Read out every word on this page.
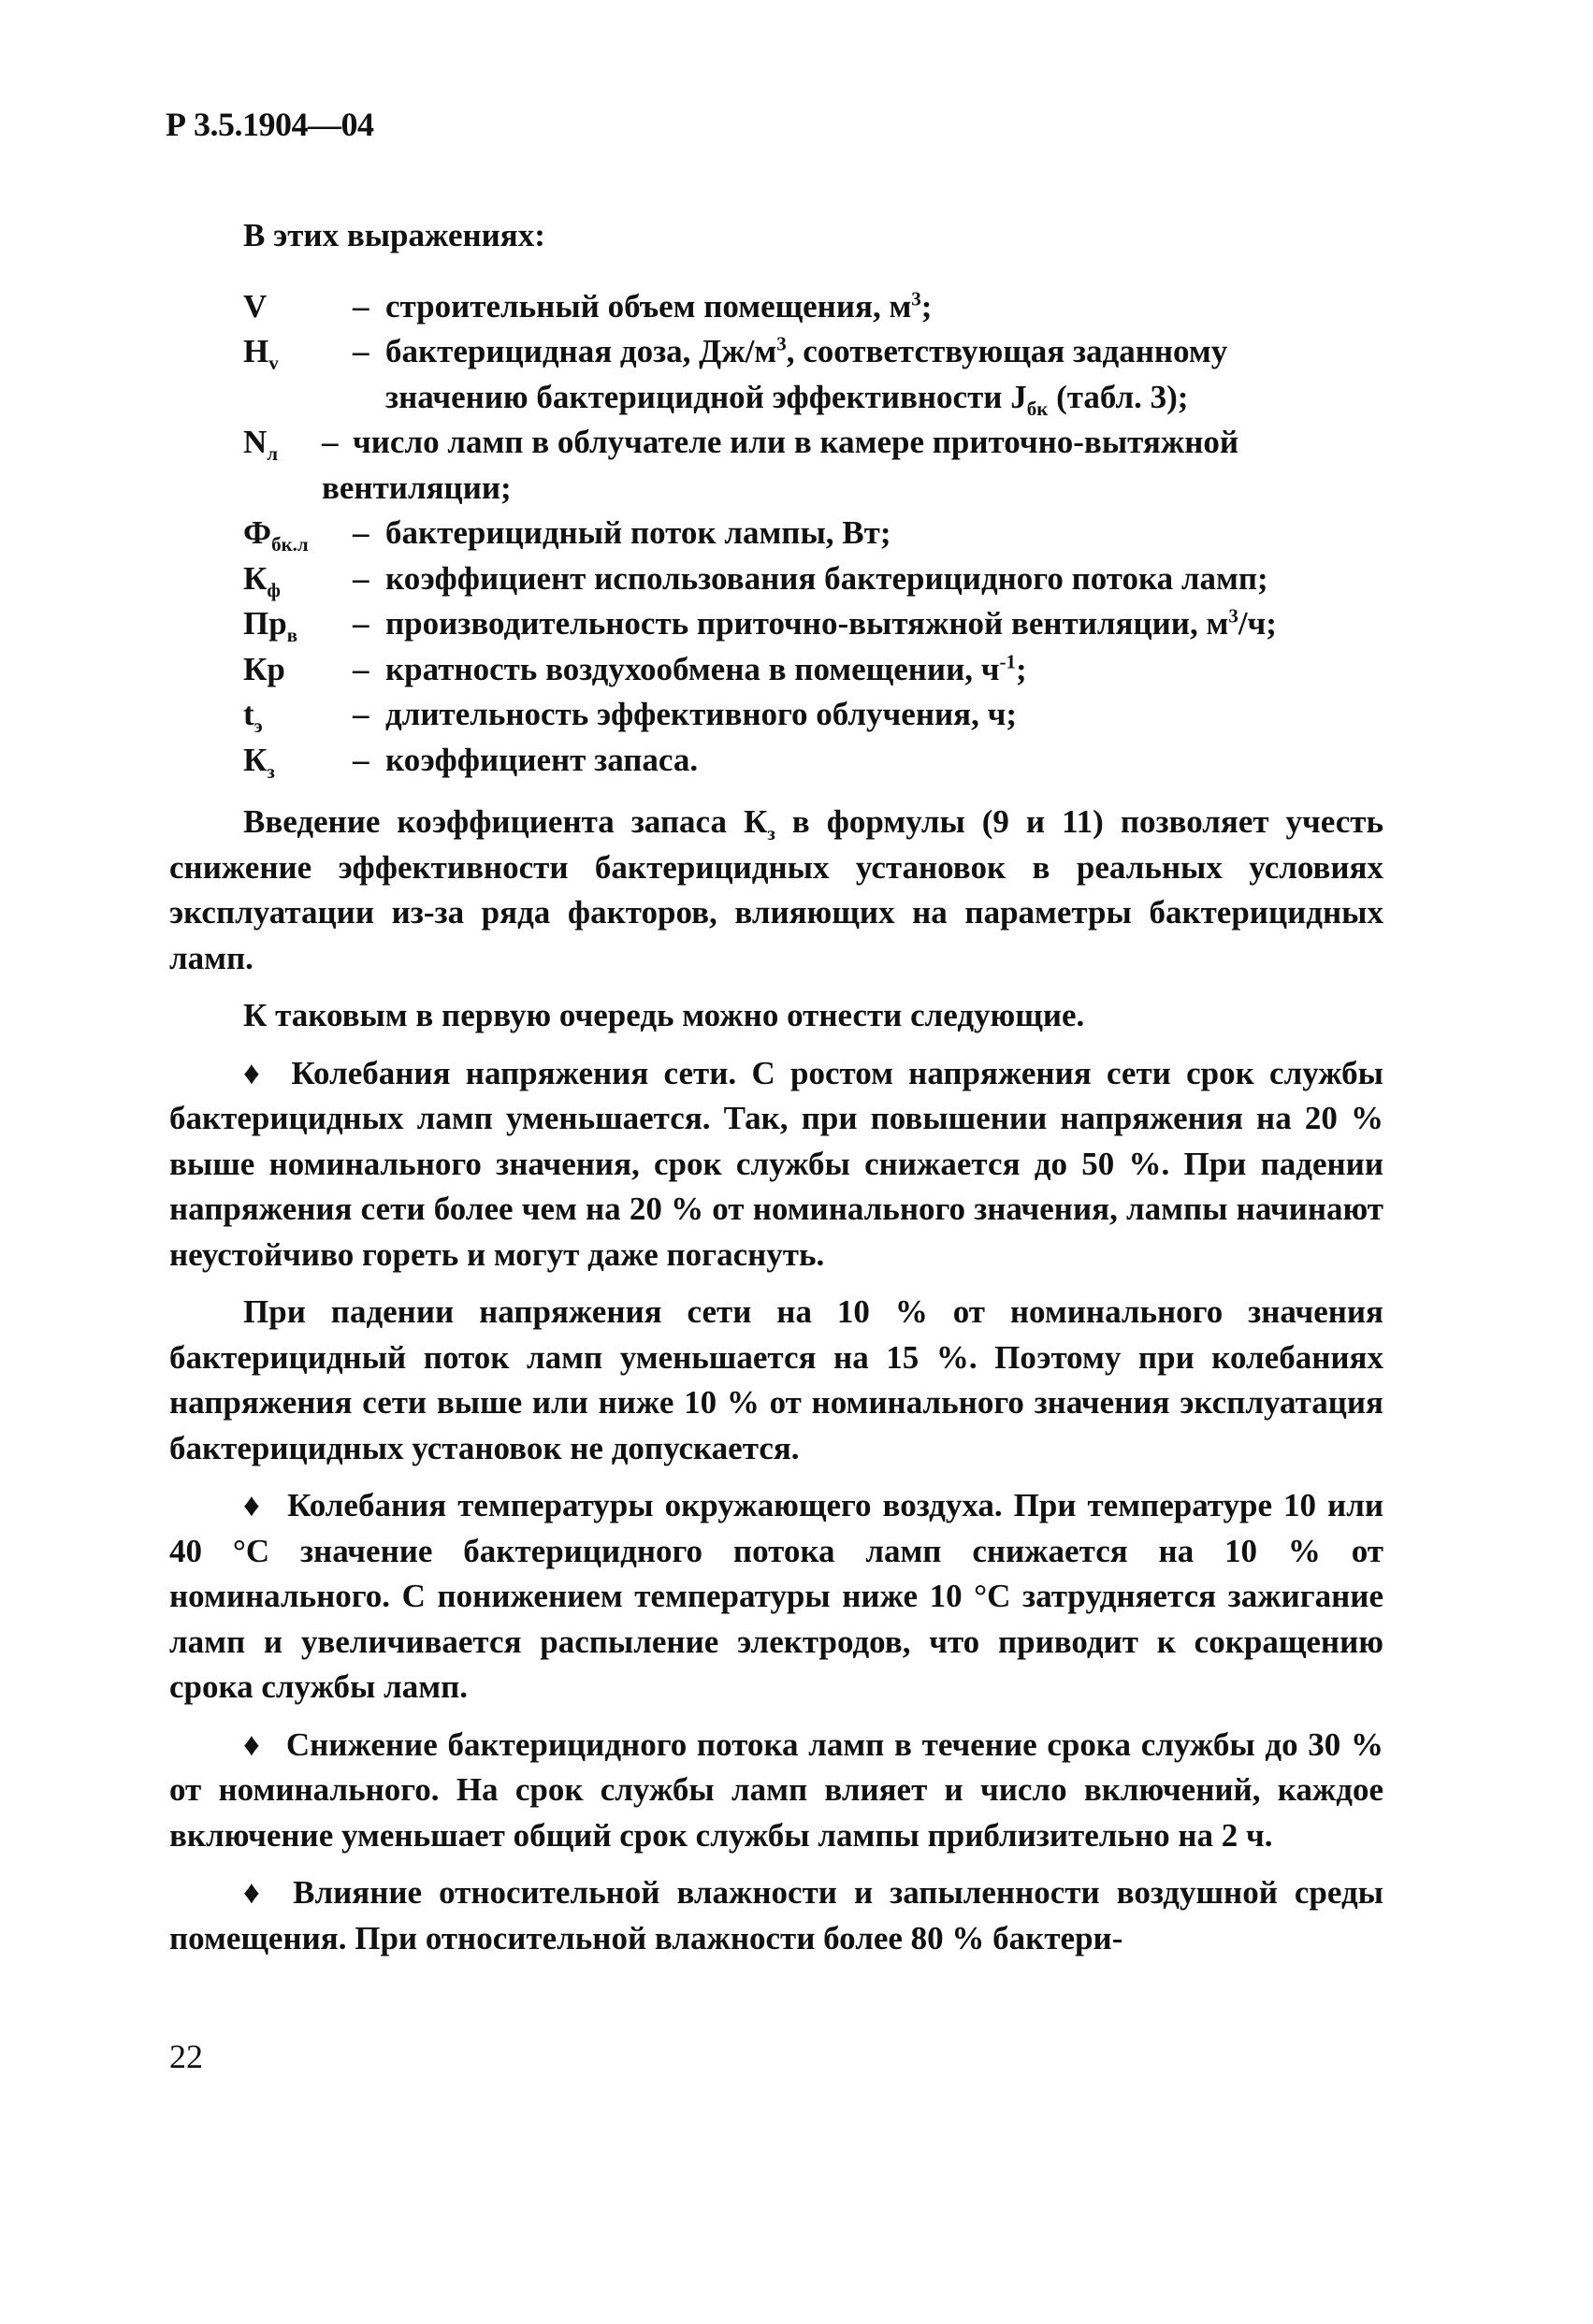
Р 3.5.1904—04
В этих выражениях:
V	– строительный объем помещения, $м^3$;
$H_v$	– бактерицидная доза, $Дж/м^3$, соответствующая заданному
значению бактерицидной эффективности $J_{бк}$ (табл. 3);
$N_л$	– число ламп в облучателе или в камере приточно-вытяжной
вентиляции;
$Ф_{бк.л}$	– бактерицидный поток лампы, Вт;
$К_ф$	– коэффициент использования бактерицидного потока ламп;
$Пр_в$	– производительность приточно-вытяжной вентиляции, $м^3/ч$;
Кр	– кратность воздухообмена в помещении, $ч^{-1}$;
$t_э$	– длительность эффективного облучения, ч;
$К_з$	– коэффициент запаса.

Введение коэффициента запаса $К_з$ в формулы (9 и 11) позволяет учесть снижение эффективности бактерицидных установок в реальных условиях эксплуатации из-за ряда факторов, влияющих на параметры бактерицидных ламп.

К таковым в первую очередь можно отнести следующие.

♦ Колебания напряжения сети. С ростом напряжения сети срок службы бактерицидных ламп уменьшается. Так, при повышении напряжения на 20 % выше номинального значения, срок службы снижается до 50 %. При падении напряжения сети более чем на 20 % от номинального значения, лампы начинают неустойчиво гореть и могут даже погаснуть.

При падении напряжения сети на 10 % от номинального значения бактерицидный поток ламп уменьшается на 15 %. Поэтому при колебаниях напряжения сети выше или ниже 10 % от номинального значения эксплуатация бактерицидных установок не допускается.

♦ Колебания температуры окружающего воздуха. При температуре 10 или 40 °С значение бактерицидного потока ламп снижается на 10 % от номинального. С понижением температуры ниже 10 °С затрудняется зажигание ламп и увеличивается распыление электродов, что приводит к сокращению срока службы ламп.

♦ Снижение бактерицидного потока ламп в течение срока службы до 30 % от номинального. На срок службы ламп влияет и число включений, каждое включение уменьшает общий срок службы лампы приблизительно на 2 ч.

♦ Влияние относительной влажности и запыленности воздушной среды помещения. При относительной влажности более 80 % бактери-

22
